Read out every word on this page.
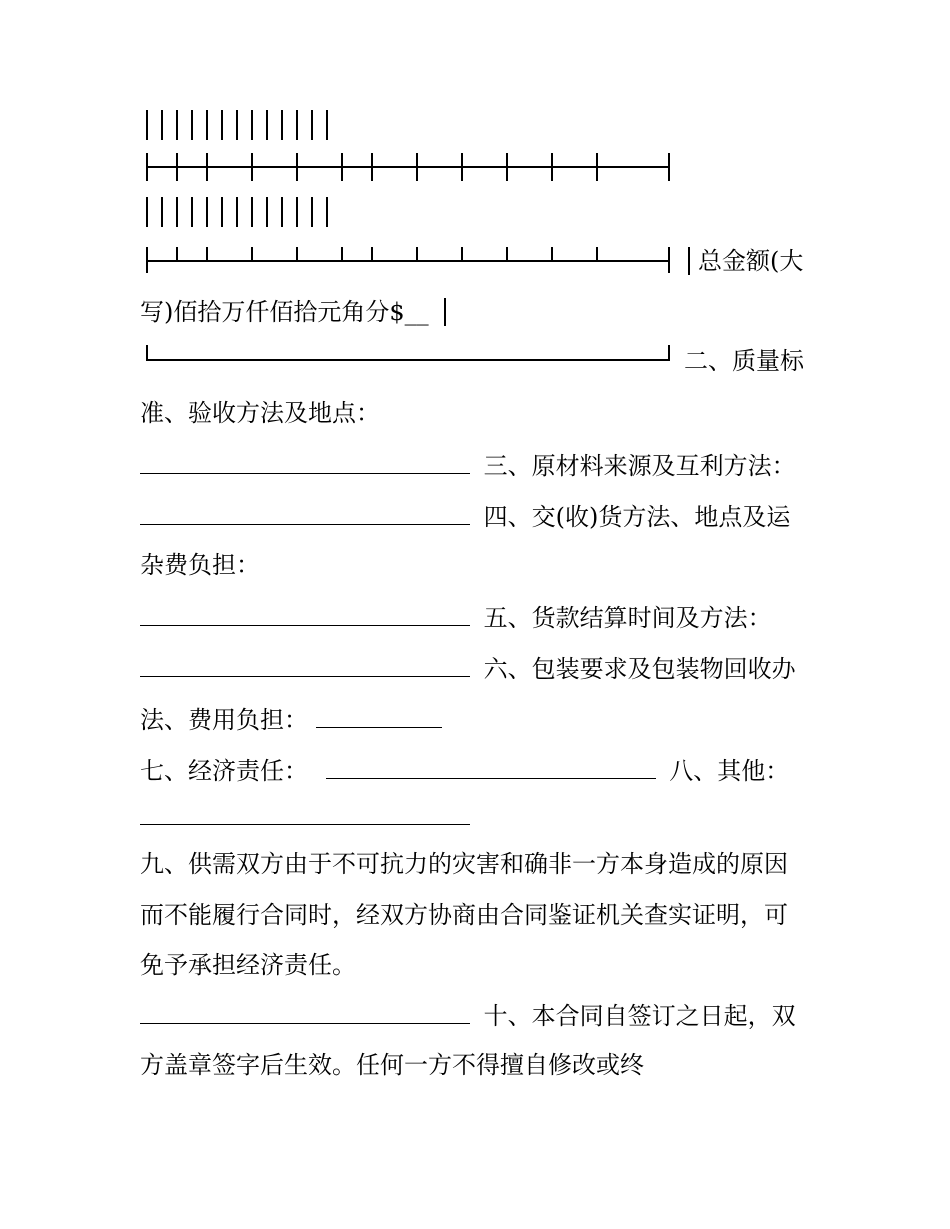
总金额(大
写)佰拾万仟佰拾元角分$__
二、质量标
准、验收方法及地点：
三、原材料来源及互利方法：
四、交(收)货方法、地点及运
杂费负担：
五、货款结算时间及方法：
六、包装要求及包装物回收办
法、费用负担：
七、经济责任：	八、其他：
九、供需双方由于不可抗力的灾害和确非一方本身造成的原因
而不能履行合同时，经双方协商由合同鉴证机关查实证明，可
免予承担经济责任。
十、本合同自签订之日起，双
方盖章签字后生效。任何一方不得擅自修改或终
